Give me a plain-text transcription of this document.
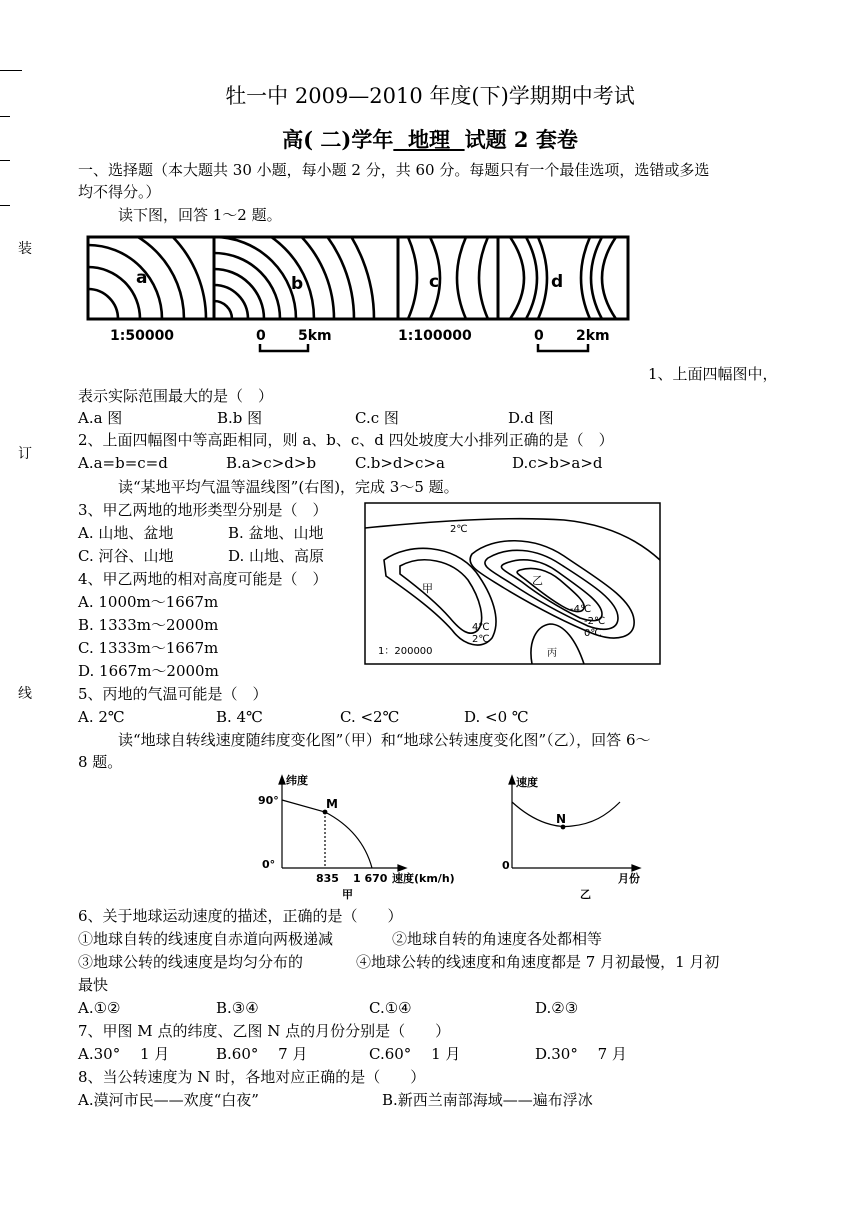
装
订
线
牡一中 2009—2010 年度(下)学期期中考试
高( 二)学年 地理 试题 2 套卷
一、选择题（本大题共 30 小题，每小题 2 分，共 60 分。每题只有一个最佳选项，选错或多选
均不得分。）
读下图，回答 1～2 题。
a	b	c	d
1:50000	0 5km	1:100000	0 2km
1、上面四幅图中，
表示实际范围最大的是（　）
A.a 图	B.b 图	C.c 图	D.d 图
2、上面四幅图中等高距相同，则 a、b、c、d 四处坡度大小排列正确的是（　）
A.a=b=c=d	B.a>c>d>b	C.b>d>c>a	D.c>b>a>d
读“某地平均气温等温线图”(右图)，完成 3～5 题。
3、甲乙两地的地形类型分别是（　）
A. 山地、盆地	B. 盆地、山地
C. 河谷、山地	D. 山地、高原
4、甲乙两地的相对高度可能是（　）
A. 1000m～1667m
B. 1333m～2000m
C. 1333m～1667m
D. 1667m～2000m
2℃
甲
乙
4℃
2℃
-4℃
-2℃
0℃
1：200000	丙
5、丙地的气温可能是（　）
A. 2℃	B. 4℃	C. <2℃	D. <0 ℃
读“地球自转线速度随纬度变化图”（甲）和“地球公转速度变化图”（乙），回答 6～
8 题。
纬度
90°
0°
M
835 1 670 速度(km/h)
甲
速度
0
N
月份
乙
6、关于地球运动速度的描述，正确的是（　　）
①地球自转的线速度自赤道向两极递减	②地球自转的角速度各处都相等
③地球公转的线速度是均匀分布的	④地球公转的线速度和角速度都是 7 月初最慢，1 月初
最快
A.①②	B.③④	C.①④	D.②③
7、甲图 M 点的纬度、乙图 N 点的月份分别是（　　）
A.30°　 1 月	B.60°　 7 月	C.60°　 1 月	D.30°　 7 月
8、当公转速度为 N 时，各地对应正确的是（　　）
A.漠河市民——欢度“白夜”	B.新西兰南部海域——遍布浮冰
